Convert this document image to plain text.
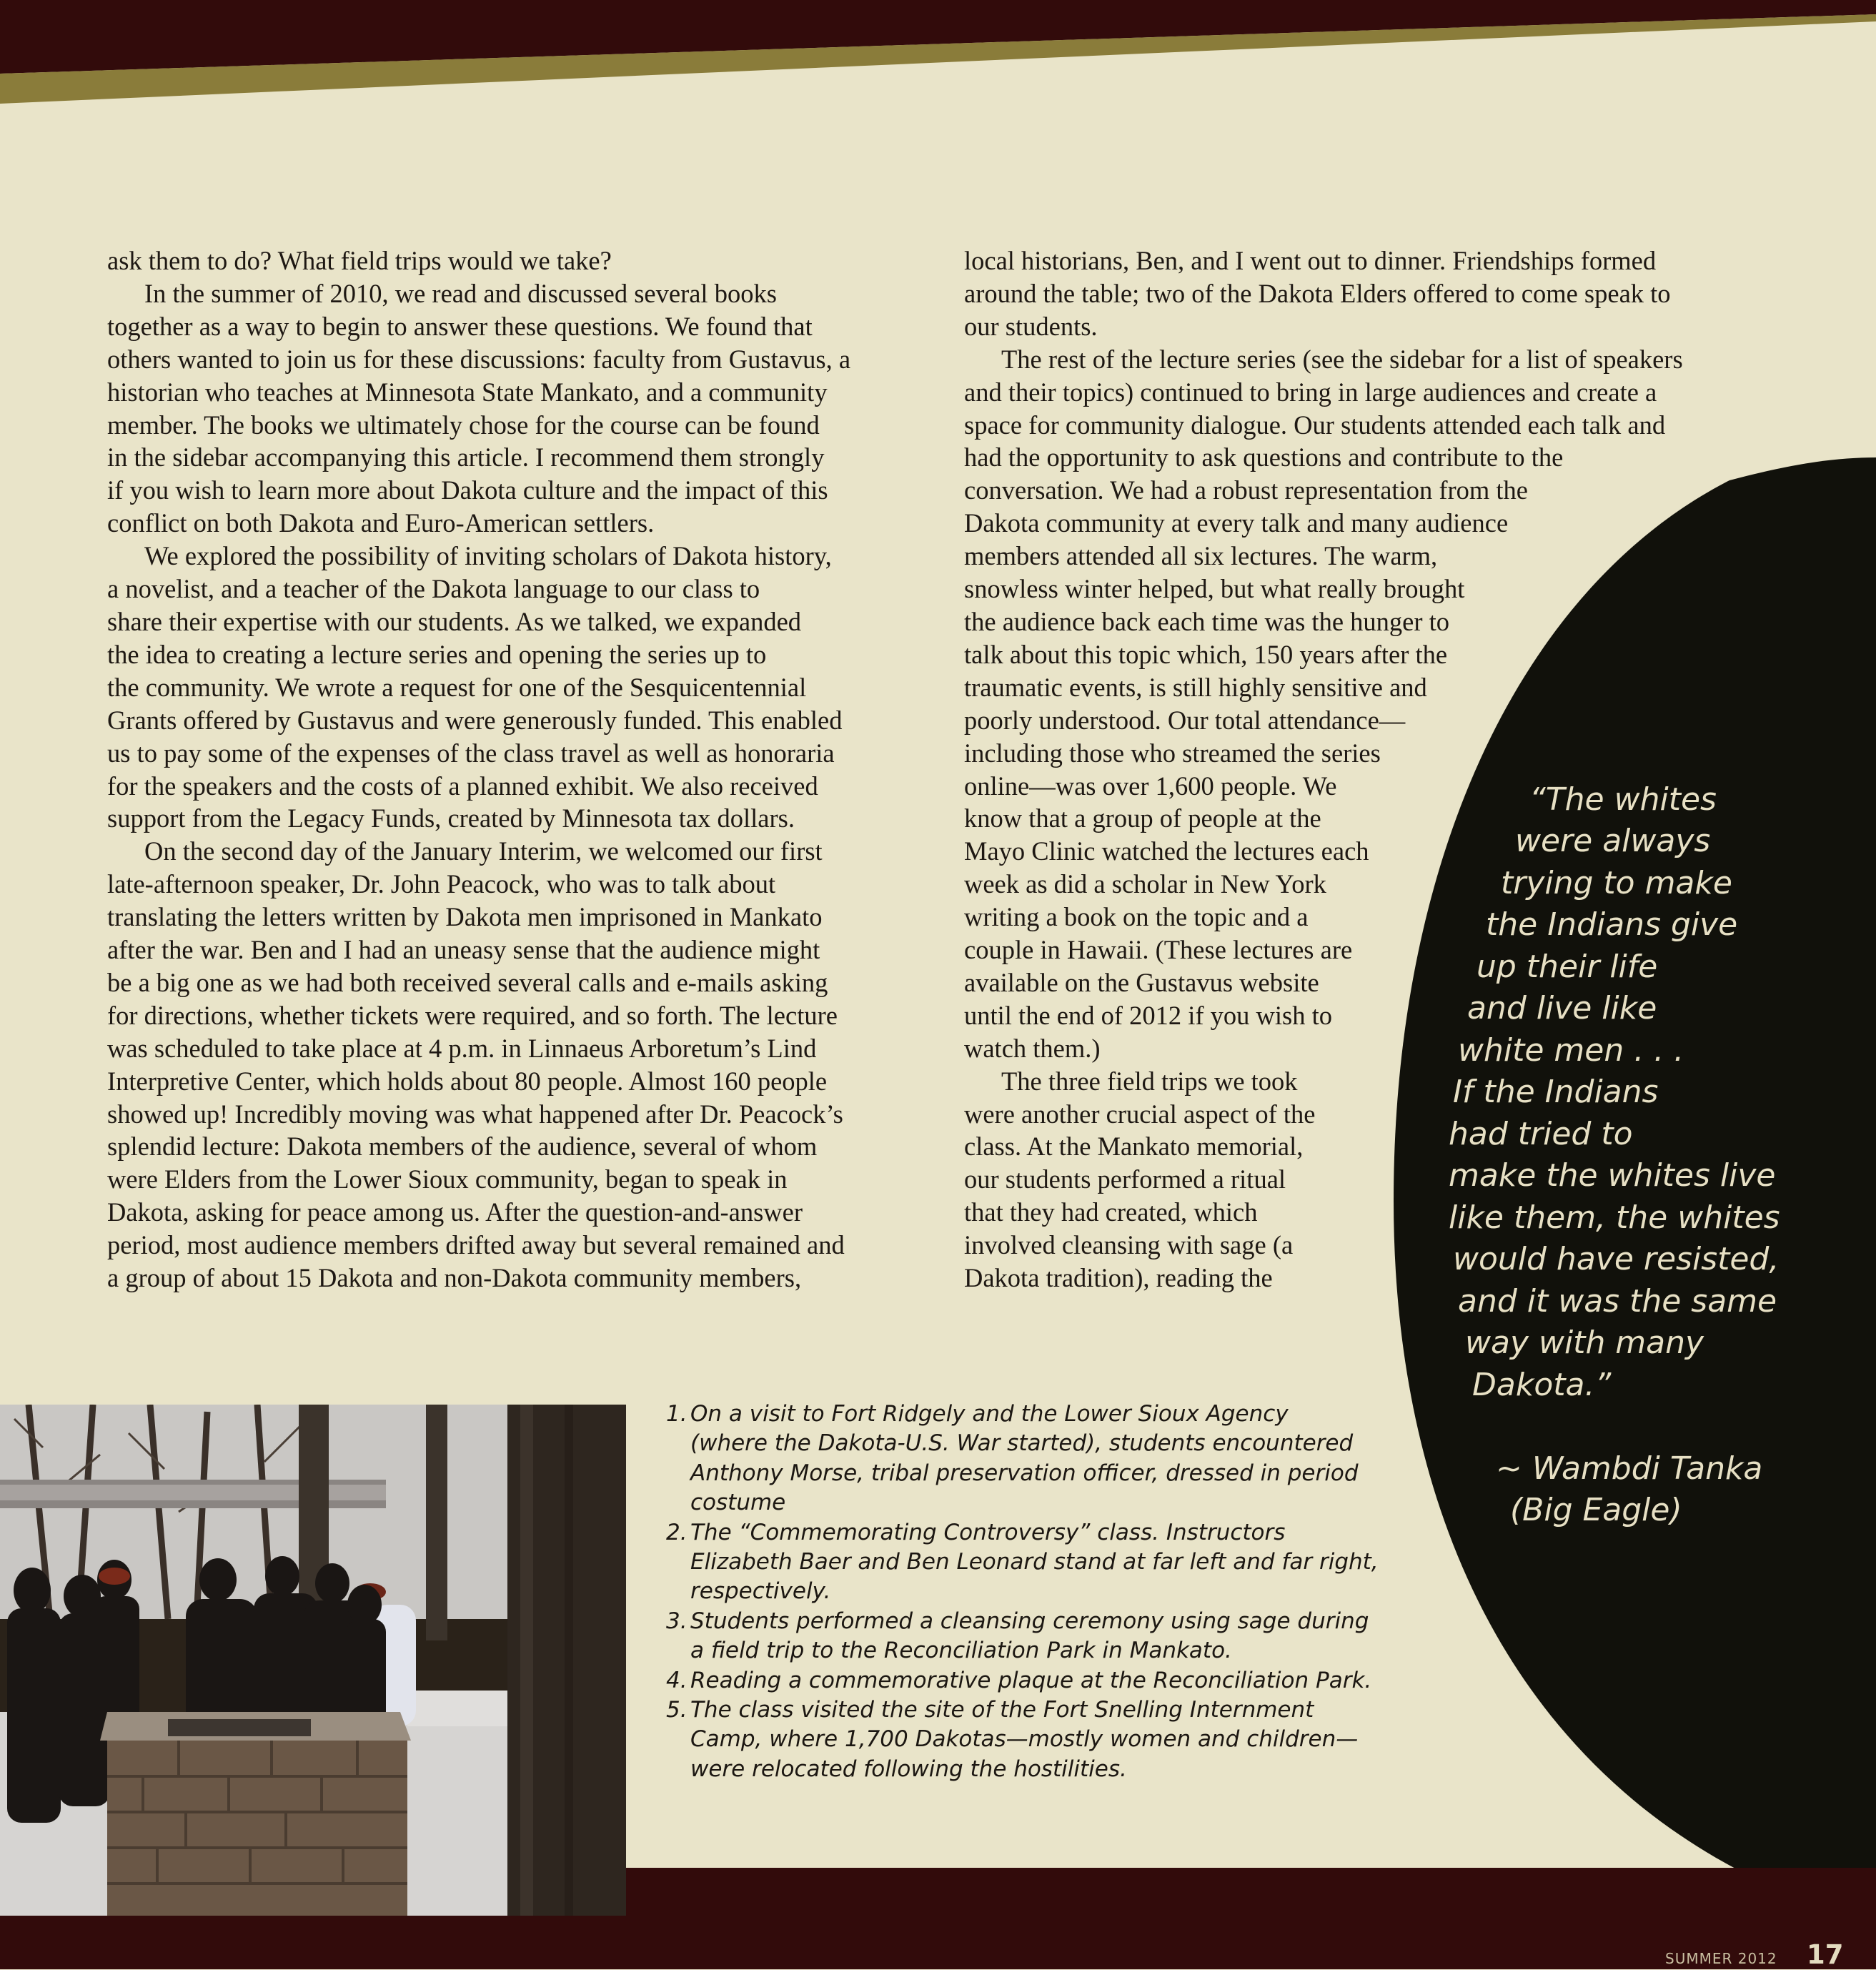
ask them to do? What field trips would we take?

In the summer of 2010, we read and discussed several books

together as a way to begin to answer these questions. We found that

others wanted to join us for these discussions: faculty from Gustavus, a

historian who teaches at Minnesota State Mankato, and a community

member. The books we ultimately chose for the course can be found

in the sidebar accompanying this article. I recommend them strongly

if you wish to learn more about Dakota culture and the impact of this

conflict on both Dakota and Euro-American settlers.

We explored the possibility of inviting scholars of Dakota history,

a novelist, and a teacher of the Dakota language to our class to

share their expertise with our students. As we talked, we expanded

the idea to creating a lecture series and opening the series up to

the community. We wrote a request for one of the Sesquicentennial

Grants offered by Gustavus and were generously funded. This enabled

us to pay some of the expenses of the class travel as well as honoraria

for the speakers and the costs of a planned exhibit. We also received

support from the Legacy Funds, created by Minnesota tax dollars.

On the second day of the January Interim, we welcomed our first

late-afternoon speaker, Dr. John Peacock, who was to talk about

translating the letters written by Dakota men imprisoned in Mankato

after the war. Ben and I had an uneasy sense that the audience might

be a big one as we had both received several calls and e-mails asking

for directions, whether tickets were required, and so forth. The lecture

was scheduled to take place at 4 p.m. in Linnaeus Arboretum’s Lind

Interpretive Center, which holds about 80 people. Almost 160 people

showed up! Incredibly moving was what happened after Dr. Peacock’s

splendid lecture: Dakota members of the audience, several of whom

were Elders from the Lower Sioux community, began to speak in

Dakota, asking for peace among us. After the question-and-answer

period, most audience members drifted away but several remained and

a group of about 15 Dakota and non-Dakota community members,

local historians, Ben, and I went out to dinner. Friendships formed

around the table; two of the Dakota Elders offered to come speak to

our students.

The rest of the lecture series (see the sidebar for a list of speakers

and their topics) continued to bring in large audiences and create a

space for community dialogue. Our students attended each talk and

had the opportunity to ask questions and contribute to the

conversation. We had a robust representation from the

Dakota community at every talk and many audience

members attended all six lectures. The warm,

snowless winter helped, but what really brought

the audience back each time was the hunger to

talk about this topic which, 150 years after the

traumatic events, is still highly sensitive and

poorly understood. Our total attendance—

including those who streamed the series

online—was over 1,600 people. We

know that a group of people at the

Mayo Clinic watched the lectures each

week as did a scholar in New York

writing a book on the topic and a

couple in Hawaii. (These lectures are

available on the Gustavus website

until the end of 2012 if you wish to

watch them.)

The three field trips we took

were another crucial aspect of the

class. At the Mankato memorial,

our students performed a ritual

that they had created, which

involved cleansing with sage (a

Dakota tradition), reading the

“The whites
were always
trying to make
the Indians give
up their life
and live like
white men . . .
If the Indians
had tried to
make the whites live
like them, the whites
would have resisted,
and it was the same
way with many
Dakota.”
~ Wambdi Tanka
(Big Eagle)
1. On a visit to Fort Ridgely and the Lower Sioux Agency
(where the Dakota-U.S. War started), students encountered
Anthony Morse, tribal preservation officer, dressed in period
costume
2. The “Commemorating Controversy” class. Instructors
Elizabeth Baer and Ben Leonard stand at far left and far right,
respectively.
3. Students performed a cleansing ceremony using sage during
a field trip to the Reconciliation Park in Mankato.
4. Reading a commemorative plaque at the Reconciliation Park.
5. The class visited the site of the Fort Snelling Internment
Camp, where 1,700 Dakotas—mostly women and children—
were relocated following the hostilities.
SUMMER 2012 17
